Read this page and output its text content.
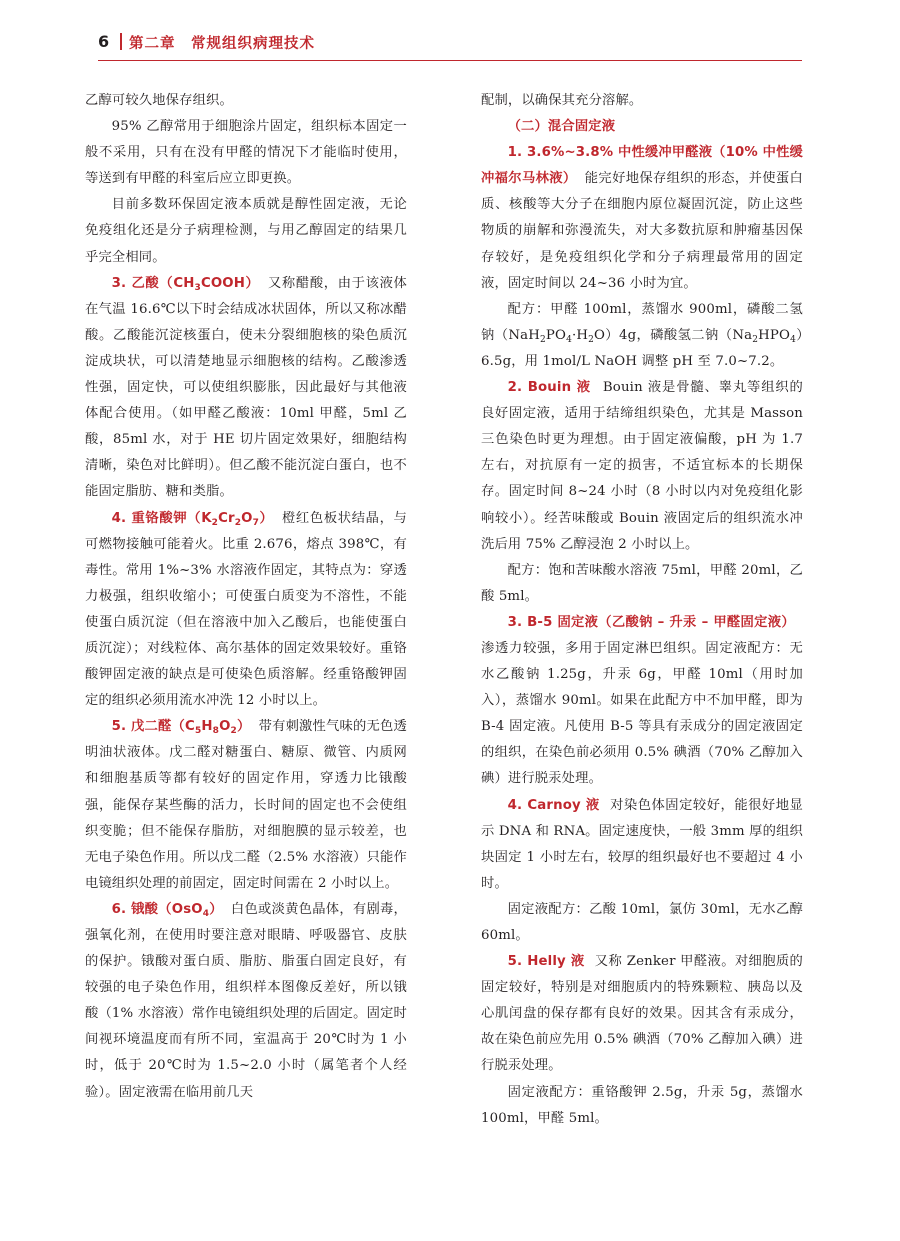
6 第二章　常规组织病理技术

乙醇可较久地保存组织。

95% 乙醇常用于细胞涂片固定，组织标本固定一般不采用，只有在没有甲醛的情况下才能临时使用，等送到有甲醛的科室后应立即更换。

目前多数环保固定液本质就是醇性固定液，无论免疫组化还是分子病理检测，与用乙醇固定的结果几乎完全相同。

3. 乙酸$(CH_3COOH)$ 又称醋酸，由于该液体在气温 16.6℃以下时会结成冰状固体，所以又称冰醋酸。乙酸能沉淀核蛋白，使未分裂细胞核的染色质沉淀成块状，可以清楚地显示细胞核的结构。乙酸渗透性强，固定快，可以使组织膨胀，因此最好与其他液体配合使用。（如甲醛乙酸液：10ml 甲醛，5ml 乙酸，85ml 水，对于 HE 切片固定效果好，细胞结构清晰，染色对比鲜明）。但乙酸不能沉淀白蛋白，也不能固定脂肪、糖和类脂。

4. 重铬酸钾$(K_2Cr_2O_7)$ 橙红色板状结晶，与可燃物接触可能着火。比重 2.676，熔点 398℃，有毒性。常用 1%~3% 水溶液作固定，其特点为：穿透力极强，组织收缩小；可使蛋白质变为不溶性，不能使蛋白质沉淀（但在溶液中加入乙酸后，也能使蛋白质沉淀）；对线粒体、高尔基体的固定效果较好。重铬酸钾固定液的缺点是可使染色质溶解。经重铬酸钾固定的组织必须用流水冲洗 12 小时以上。

5. 戊二醛$(C_5H_8O_2)$ 带有刺激性气味的无色透明油状液体。戊二醛对糖蛋白、糖原、微管、内质网和细胞基质等都有较好的固定作用，穿透力比锇酸强，能保存某些酶的活力，长时间的固定也不会使组织变脆；但不能保存脂肪，对细胞膜的显示较差，也无电子染色作用。所以戊二醛（2.5% 水溶液）只能作电镜组织处理的前固定，固定时间需在 2 小时以上。

6. 锇酸（OsO$_4$） 白色或淡黄色晶体，有剧毒，强氧化剂，在使用时要注意对眼睛、呼吸器官、皮肤的保护。锇酸对蛋白质、脂肪、脂蛋白固定良好，有较强的电子染色作用，组织样本图像反差好，所以锇酸（1% 水溶液）常作电镜组织处理的后固定。固定时间视环境温度而有所不同，室温高于 20℃时为 1 小时，低于 20℃时为 1.5~2.0 小时（属笔者个人经验）。固定液需在临用前几天

配制，以确保其充分溶解。

（二）混合固定液

1. 3.6%~3.8% 中性缓冲甲醛液（10% 中性缓冲福尔马林液） 能完好地保存组织的形态，并使蛋白质、核酸等大分子在细胞内原位凝固沉淀，防止这些物质的崩解和弥漫流失，对大多数抗原和肿瘤基因保存较好，是免疫组织化学和分子病理最常用的固定液，固定时间以 24~36 小时为宜。

配方：甲醛 100ml，蒸馏水 900ml，磷酸二氢钠$(NaH_2PO_4\cdot H_2O)4g$，磷酸氢二钠$(Na_2HPO_4)6.5g$，用 1mol/L NaOH 调整 pH 至 7.0~7.2。

2. Bouin 液 Bouin 液是骨髓、睾丸等组织的良好固定液，适用于结缔组织染色，尤其是 Masson 三色染色时更为理想。由于固定液偏酸，pH 为 1.7 左右，对抗原有一定的损害，不适宜标本的长期保存。固定时间 8~24 小时（8 小时以内对免疫组化影响较小）。经苦味酸或 Bouin 液固定后的组织流水冲洗后用 75% 乙醇浸泡 2 小时以上。

配方：饱和苦味酸水溶液 75ml，甲醛 20ml，乙酸 5ml。

3. B-5 固定液（乙酸钠 – 升汞 – 甲醛固定液）渗透力较强，多用于固定淋巴组织。固定液配方：无水乙酸钠 1.25g，升汞 6g，甲醛 10ml（用时加入），蒸馏水 90ml。如果在此配方中不加甲醛，即为 B-4 固定液。凡使用 B-5 等具有汞成分的固定液固定的组织，在染色前必须用 0.5% 碘酒（70% 乙醇加入碘）进行脱汞处理。

4. Carnoy 液 对染色体固定较好，能很好地显示 DNA 和 RNA。固定速度快，一般 3mm 厚的组织块固定 1 小时左右，较厚的组织最好也不要超过 4 小时。

固定液配方：乙酸 10ml，氯仿 30ml，无水乙醇 60ml。

5. Helly 液 又称 Zenker 甲醛液。对细胞质的固定较好，特别是对细胞质内的特殊颗粒、胰岛以及心肌闰盘的保存都有良好的效果。因其含有汞成分，故在染色前应先用 0.5% 碘酒（70% 乙醇加入碘）进行脱汞处理。

固定液配方：重铬酸钾 2.5g，升汞 5g，蒸馏水 100ml，甲醛 5ml。
